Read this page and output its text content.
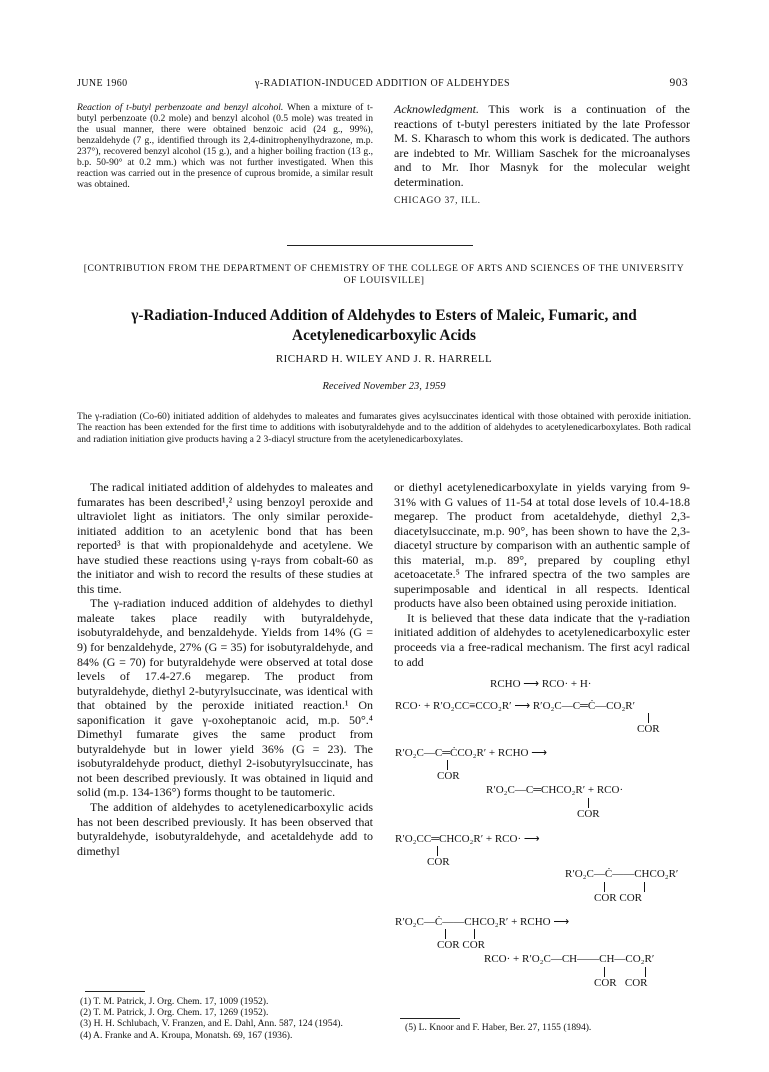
JUNE 1960	γ-RADIATION-INDUCED ADDITION OF ALDEHYDES	903
Reaction of t-butyl perbenzoate and benzyl alcohol. When a mixture of t-butyl perbenzoate (0.2 mole) and benzyl alcohol (0.5 mole) was treated in the usual manner, there were obtained benzoic acid (24 g., 99%), benzaldehyde (7 g., identified through its 2,4-dinitrophenylhydrazone, m.p. 237°), recovered benzyl alcohol (15 g.), and a higher boiling fraction (13 g., b.p. 50-90° at 0.2 mm.) which was not further investigated. When this reaction was carried out in the presence of cuprous bromide, a similar result was obtained.
Acknowledgment. This work is a continuation of the reactions of t-butyl peresters initiated by the late Professor M. S. Kharasch to whom this work is dedicated. The authors are indebted to Mr. William Saschek for the microanalyses and to Mr. Ihor Masnyk for the molecular weight determination.
CHICAGO 37, ILL.
[CONTRIBUTION FROM THE DEPARTMENT OF CHEMISTRY OF THE COLLEGE OF ARTS AND SCIENCES OF THE UNIVERSITY OF LOUISVILLE]
γ-Radiation-Induced Addition of Aldehydes to Esters of Maleic, Fumaric, and
Acetylenedicarboxylic Acids
RICHARD H. WILEY AND J. R. HARRELL
Received November 23, 1959
The γ-radiation (Co-60) initiated addition of aldehydes to maleates and fumarates gives acylsuccinates identical with those obtained with peroxide initiation. The reaction has been extended for the first time to additions with isobutyraldehyde and to the addition of aldehydes to acetylenedicarboxylates. Both radical and radiation initiation give products having a 2 3-diacyl structure from the acetylenedicarboxylates.

The radical initiated addition of aldehydes to maleates and fumarates has been described¹,² using benzoyl peroxide and ultraviolet light as initiators. The only similar peroxide-initiated addition to an acetylenic bond that has been reported³ is that with propionaldehyde and acetylene. We have studied these reactions using γ-rays from cobalt-60 as the initiator and wish to record the results of these studies at this time.

The γ-radiation induced addition of aldehydes to diethyl maleate takes place readily with butyraldehyde, isobutyraldehyde, and benzaldehyde. Yields from 14% (G = 9) for benzaldehyde, 27% (G = 35) for isobutyraldehyde, and 84% (G = 70) for butyraldehyde were observed at total dose levels of 17.4-27.6 megarep. The product from butyraldehyde, diethyl 2-butyrylsuccinate, was identical with that obtained by the peroxide initiated reaction.¹ On saponification it gave γ-oxoheptanoic acid, m.p. 50°.⁴ Dimethyl fumarate gives the same product from butyraldehyde but in lower yield 36% (G = 23). The isobutyraldehyde product, diethyl 2-isobutyrylsuccinate, has not been described previously. It was obtained in liquid and solid (m.p. 134-136°) forms thought to be tautomeric.

The addition of aldehydes to acetylenedicarboxylic acids has not been described previously. It has been observed that butyraldehyde, isobutyraldehyde, and acetaldehyde add to dimethyl

or diethyl acetylenedicarboxylate in yields varying from 9-31% with G values of 11-54 at total dose levels of 10.4-18.8 megarep. The product from acetaldehyde, diethyl 2,3-diacetylsuccinate, m.p. 90°, has been shown to have the 2,3-diacetyl structure by comparison with an authentic sample of this material, m.p. 89°, prepared by coupling ethyl acetoacetate.⁵ The infrared spectra of the two samples are superimposable and identical in all respects. Identical products have also been obtained using peroxide initiation.

It is believed that these data indicate that the γ-radiation initiated addition of aldehydes to acetylenedicarboxylic ester proceeds via a free-radical mechanism. The first acyl radical to add

RCHO ⟶ RCO· + H·
RCO· + R′O₂CC≡CCO₂R′ ⟶ R′O₂C—C═Ċ—CO₂R′
COR
R′O₂C—C═ĊCO₂R′ + RCHO ⟶
COR
R′O₂C—C═CHCO₂R′ + RCO·
COR
R′O₂CC═CHCO₂R′ + RCO· ⟶
COR
R′O₂C—Ċ——CHCO₂R′
COR COR
R′O₂C—Ċ——CHCO₂R′ + RCHO ⟶
COR COR
RCO· + R′O₂C—CH——CH—CO₂R′
COR   COR
(1) T. M. Patrick, J. Org. Chem. 17, 1009 (1952).
(2) T. M. Patrick, J. Org. Chem. 17, 1269 (1952).
(3) H. H. Schlubach, V. Franzen, and E. Dahl, Ann. 587, 124 (1954).
(4) A. Franke and A. Kroupa, Monatsh. 69, 167 (1936).
(5) L. Knoor and F. Haber, Ber. 27, 1155 (1894).
